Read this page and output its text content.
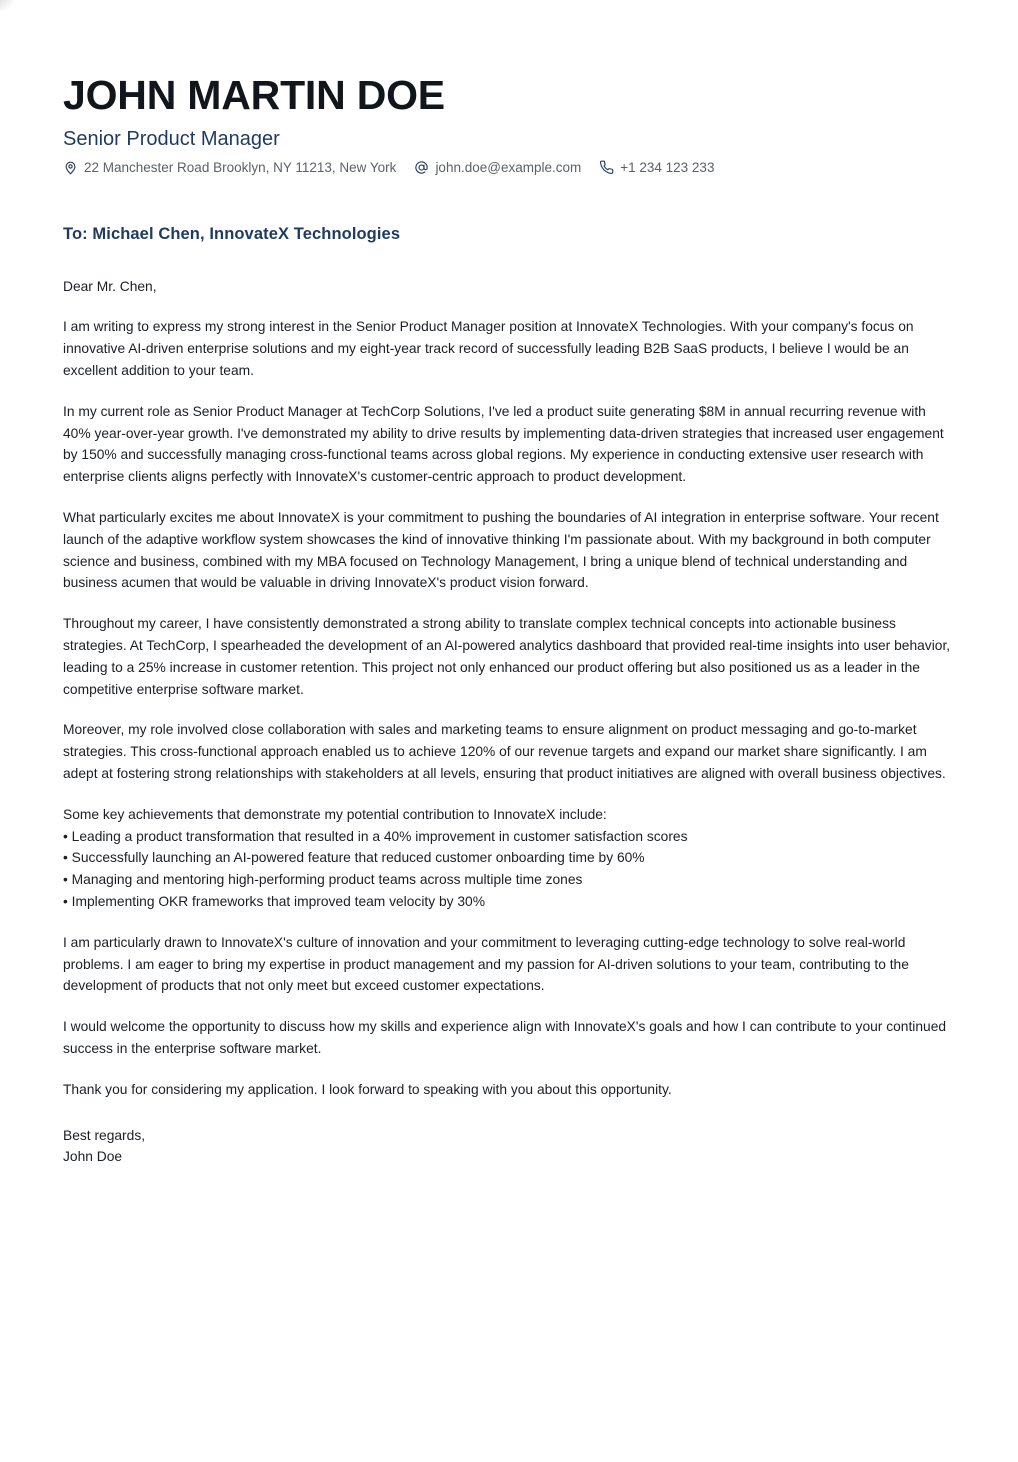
JOHN MARTIN DOE
Senior Product Manager
22 Manchester Road Brooklyn, NY 11213, New York	john.doe@example.com	+1 234 123 233
To: Michael Chen, InnovateX Technologies
Dear Mr. Chen,

I am writing to express my strong interest in the Senior Product Manager position at InnovateX Technologies. With your company's focus on innovative AI-driven enterprise solutions and my eight-year track record of successfully leading B2B SaaS products, I believe I would be an excellent addition to your team.

In my current role as Senior Product Manager at TechCorp Solutions, I've led a product suite generating $8M in annual recurring revenue with 40% year-over-year growth. I've demonstrated my ability to drive results by implementing data-driven strategies that increased user engagement by 150% and successfully managing cross-functional teams across global regions. My experience in conducting extensive user research with enterprise clients aligns perfectly with InnovateX's customer-centric approach to product development.

What particularly excites me about InnovateX is your commitment to pushing the boundaries of AI integration in enterprise software. Your recent launch of the adaptive workflow system showcases the kind of innovative thinking I'm passionate about. With my background in both computer science and business, combined with my MBA focused on Technology Management, I bring a unique blend of technical understanding and business acumen that would be valuable in driving InnovateX's product vision forward.

Throughout my career, I have consistently demonstrated a strong ability to translate complex technical concepts into actionable business strategies. At TechCorp, I spearheaded the development of an AI-powered analytics dashboard that provided real-time insights into user behavior, leading to a 25% increase in customer retention. This project not only enhanced our product offering but also positioned us as a leader in the competitive enterprise software market.

Moreover, my role involved close collaboration with sales and marketing teams to ensure alignment on product messaging and go-to-market strategies. This cross-functional approach enabled us to achieve 120% of our revenue targets and expand our market share significantly. I am adept at fostering strong relationships with stakeholders at all levels, ensuring that product initiatives are aligned with overall business objectives.

Some key achievements that demonstrate my potential contribution to InnovateX include:
• Leading a product transformation that resulted in a 40% improvement in customer satisfaction scores
• Successfully launching an AI-powered feature that reduced customer onboarding time by 60%
• Managing and mentoring high-performing product teams across multiple time zones
• Implementing OKR frameworks that improved team velocity by 30%

I am particularly drawn to InnovateX's culture of innovation and your commitment to leveraging cutting-edge technology to solve real-world problems. I am eager to bring my expertise in product management and my passion for AI-driven solutions to your team, contributing to the development of products that not only meet but exceed customer expectations.

I would welcome the opportunity to discuss how my skills and experience align with InnovateX's goals and how I can contribute to your continued success in the enterprise software market.

Thank you for considering my application. I look forward to speaking with you about this opportunity.

Best regards,
John Doe
